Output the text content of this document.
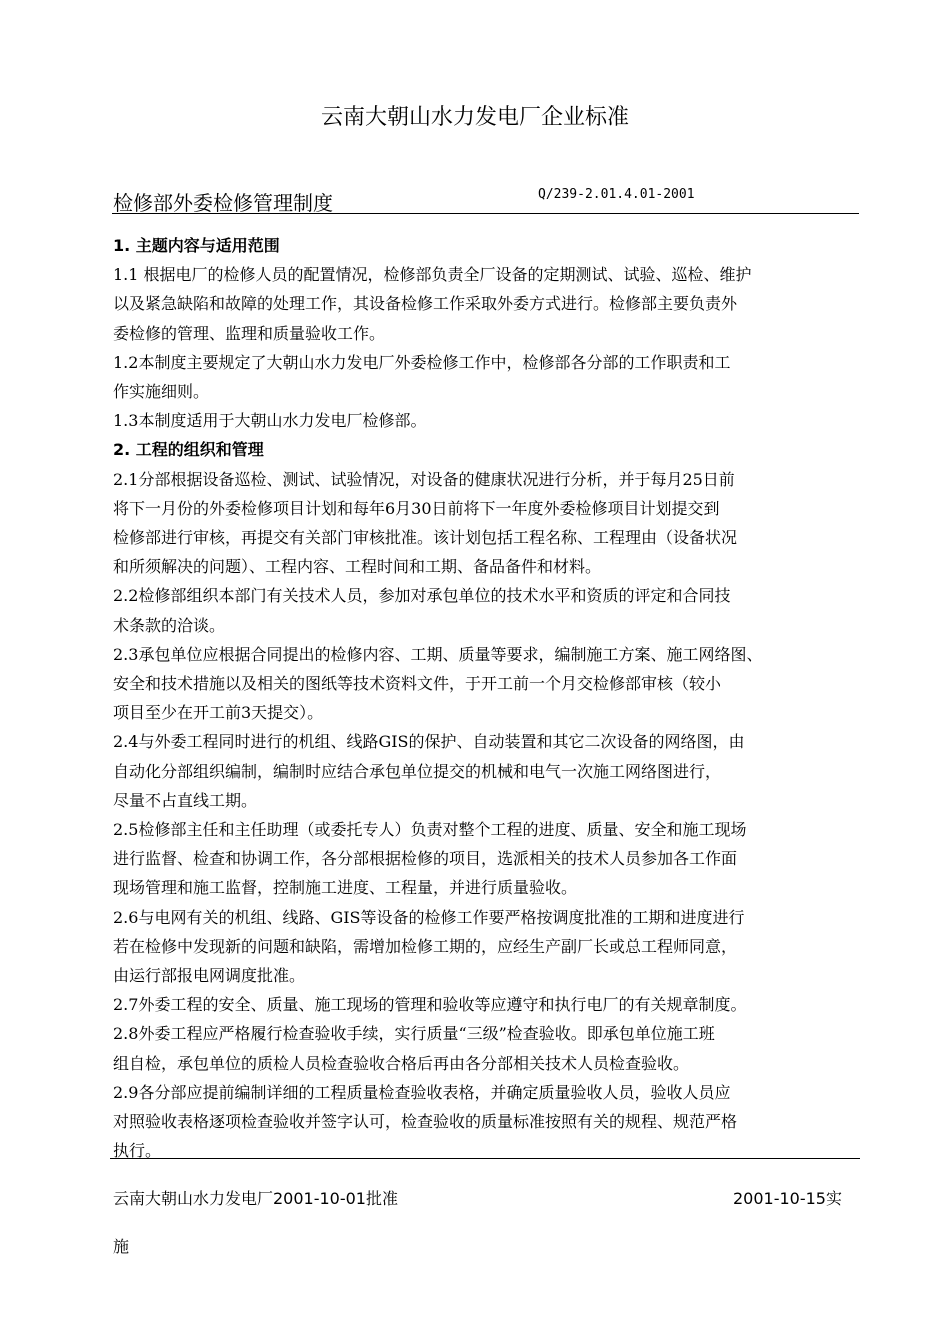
云南大朝山水力发电厂企业标准
检修部外委检修管理制度	Q/239-2.01.4.01-2001

1. 主题内容与适用范围

1.1 根据电厂的检修人员的配置情况，检修部负责全厂设备的定期测试、试验、巡检、维护

以及紧急缺陷和故障的处理工作，其设备检修工作采取外委方式进行。检修部主要负责外

委检修的管理、监理和质量验收工作。

1.2本制度主要规定了大朝山水力发电厂外委检修工作中，检修部各分部的工作职责和工

作实施细则。

1.3本制度适用于大朝山水力发电厂检修部。

2. 工程的组织和管理

2.1分部根据设备巡检、测试、试验情况，对设备的健康状况进行分析，并于每月25日前

将下一月份的外委检修项目计划和每年6月30日前将下一年度外委检修项目计划提交到

检修部进行审核，再提交有关部门审核批准。该计划包括工程名称、工程理由（设备状况

和所须解决的问题）、工程内容、工程时间和工期、备品备件和材料。

2.2检修部组织本部门有关技术人员，参加对承包单位的技术水平和资质的评定和合同技

术条款的洽谈。

2.3承包单位应根据合同提出的检修内容、工期、质量等要求，编制施工方案、施工网络图、

安全和技术措施以及相关的图纸等技术资料文件，于开工前一个月交检修部审核（较小

项目至少在开工前3天提交）。

2.4与外委工程同时进行的机组、线路GIS的保护、自动装置和其它二次设备的网络图，由

自动化分部组织编制，编制时应结合承包单位提交的机械和电气一次施工网络图进行，

尽量不占直线工期。

2.5检修部主任和主任助理（或委托专人）负责对整个工程的进度、质量、安全和施工现场

进行监督、检查和协调工作，各分部根据检修的项目，选派相关的技术人员参加各工作面

现场管理和施工监督，控制施工进度、工程量，并进行质量验收。

2.6与电网有关的机组、线路、GIS等设备的检修工作要严格按调度批准的工期和进度进行

若在检修中发现新的问题和缺陷，需增加检修工期的，应经生产副厂长或总工程师同意，

由运行部报电网调度批准。

2.7外委工程的安全、质量、施工现场的管理和验收等应遵守和执行电厂的有关规章制度。

2.8外委工程应严格履行检查验收手续，实行质量“三级”检查验收。即承包单位施工班

组自检，承包单位的质检人员检查验收合格后再由各分部相关技术人员检查验收。

2.9各分部应提前编制详细的工程质量检查验收表格，并确定质量验收人员，验收人员应

对照验收表格逐项检查验收并签字认可，检查验收的质量标准按照有关的规程、规范严格

执行。

云南大朝山水力发电厂2001-10-01批准	2001-10-15实
施
